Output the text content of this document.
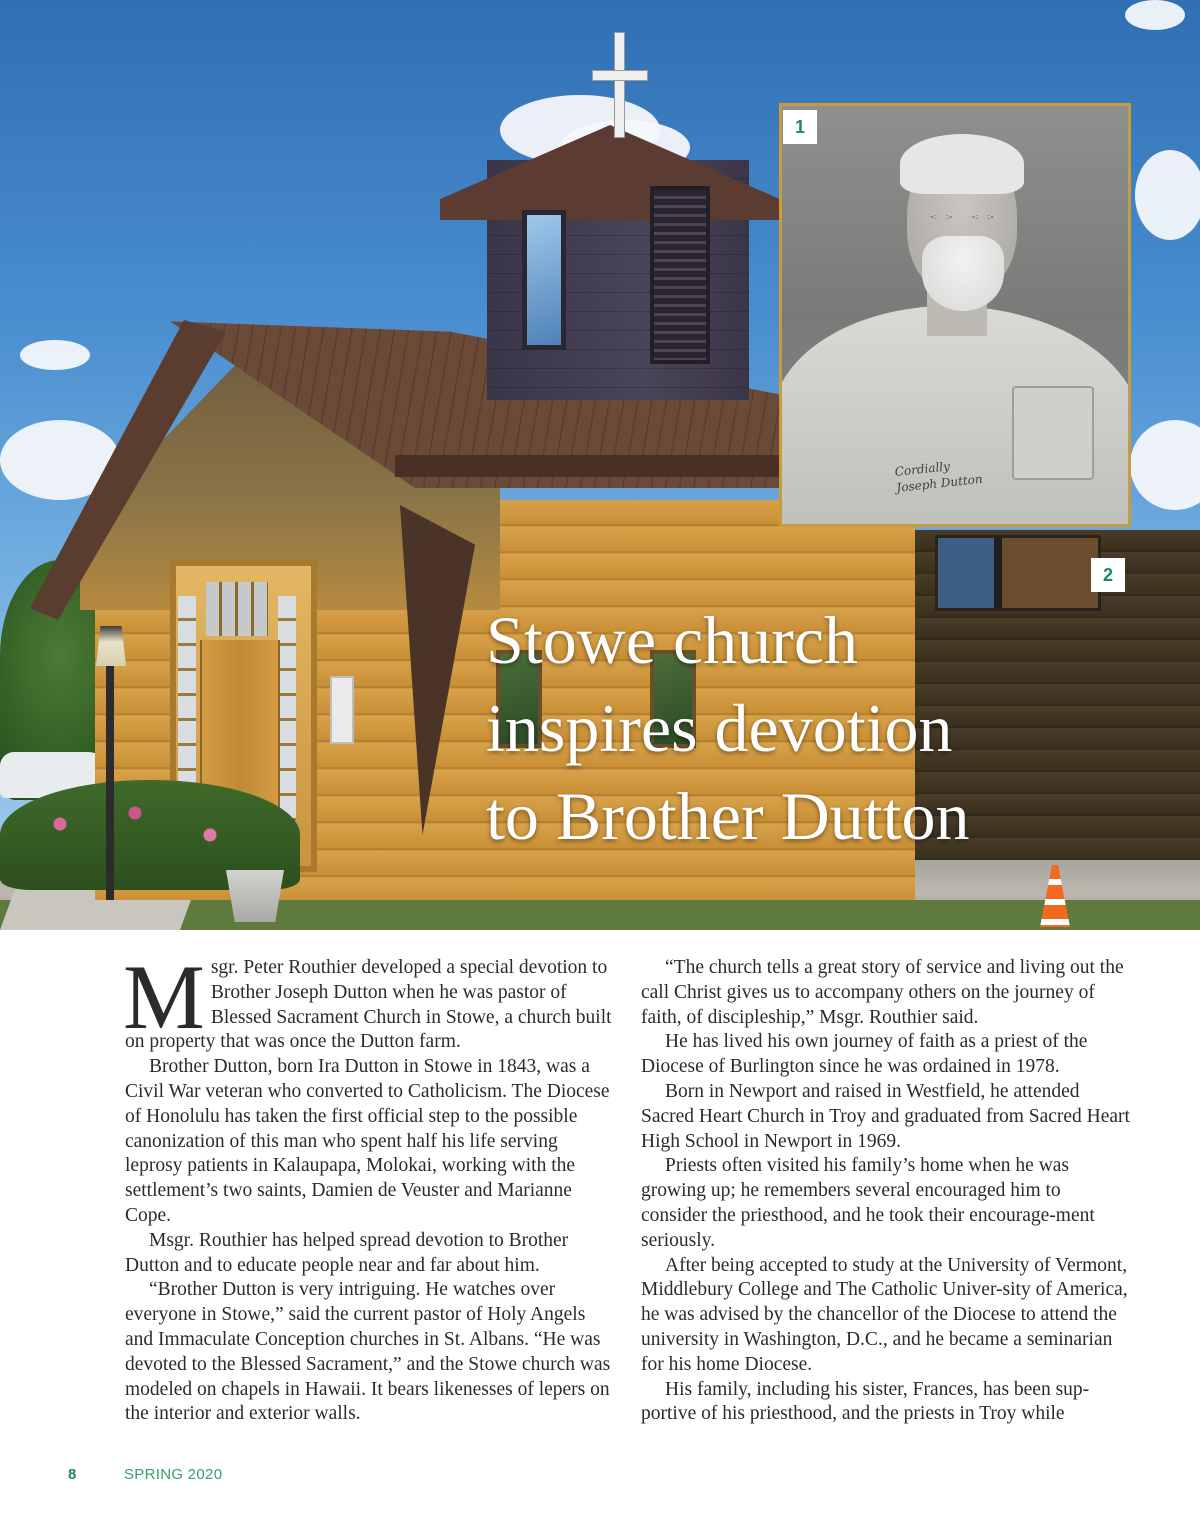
Stowe church
inspires devotion
to Brother Dutton
Cordially
Joseph Dutton
1
2

Msgr. Peter Routhier developed a special devotion to Brother Joseph Dutton when he was pastor of Blessed Sacrament Church in Stowe, a church built on property that was once the Dutton farm.

Brother Dutton, born Ira Dutton in Stowe in 1843, was a Civil War veteran who converted to Catholicism. The Diocese of Honolulu has taken the first official step to the possible canonization of this man who spent half his life serving leprosy patients in Kalaupapa, Molokai, working with the settlement’s two saints, Damien de Veuster and Marianne Cope.

Msgr. Routhier has helped spread devotion to Brother Dutton and to educate people near and far about him.

“Brother Dutton is very intriguing. He watches over everyone in Stowe,” said the current pastor of Holy Angels and Immaculate Conception churches in St. Albans. “He was devoted to the Blessed Sacrament,” and the Stowe church was modeled on chapels in Hawaii. It bears likenesses of lepers on the interior and exterior walls.

“The church tells a great story of service and living out the call Christ gives us to accompany others on the journey of faith, of discipleship,” Msgr. Routhier said.

He has lived his own journey of faith as a priest of the Diocese of Burlington since he was ordained in 1978.

Born in Newport and raised in Westfield, he attended Sacred Heart Church in Troy and graduated from Sacred Heart High School in Newport in 1969.

Priests often visited his family’s home when he was growing up; he remembers several encouraged him to consider the priesthood, and he took their encourage-ment seriously.

After being accepted to study at the University of Vermont, Middlebury College and The Catholic Univer-sity of America, he was advised by the chancellor of the Diocese to attend the university in Washington, D.C., and he became a seminarian for his home Diocese.

His family, including his sister, Frances, has been sup-portive of his priesthood, and the priests in Troy while

8	SPRING 2020
